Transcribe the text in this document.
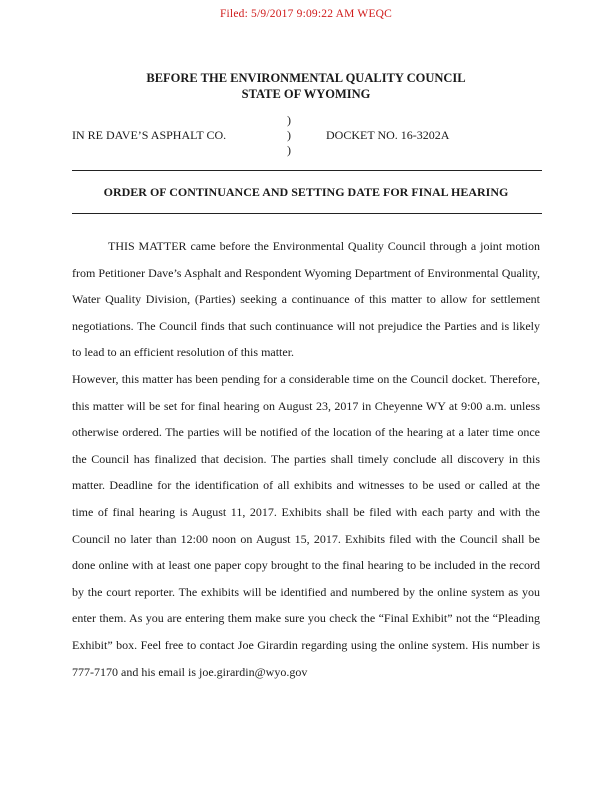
Filed: 5/9/2017 9:09:22 AM WEQC
BEFORE THE ENVIRONMENTAL QUALITY COUNCIL
STATE OF WYOMING
IN RE DAVE’S ASPHALT CO.
)
)
)
DOCKET NO. 16-3202A
ORDER OF CONTINUANCE AND SETTING DATE FOR FINAL HEARING

THIS MATTER came before the Environmental Quality Council through a joint motion from Petitioner Dave’s Asphalt and Respondent Wyoming Department of Environmental Quality, Water Quality Division, (Parties) seeking a continuance of this matter to allow for settlement negotiations. The Council finds that such continuance will not prejudice the Parties and is likely to lead to an efficient resolution of this matter.

However, this matter has been pending for a considerable time on the Council docket. Therefore, this matter will be set for final hearing on August 23, 2017 in Cheyenne WY at 9:00 a.m. unless otherwise ordered. The parties will be notified of the location of the hearing at a later time once the Council has finalized that decision. The parties shall timely conclude all discovery in this matter. Deadline for the identification of all exhibits and witnesses to be used or called at the time of final hearing is August 11, 2017. Exhibits shall be filed with each party and with the Council no later than 12:00 noon on August 15, 2017. Exhibits filed with the Council shall be done online with at least one paper copy brought to the final hearing to be included in the record by the court reporter. The exhibits will be identified and numbered by the online system as you enter them. As you are entering them make sure you check the “Final Exhibit” not the “Pleading Exhibit” box. Feel free to contact Joe Girardin regarding using the online system. His number is 777-7170 and his email is joe.girardin@wyo.gov
